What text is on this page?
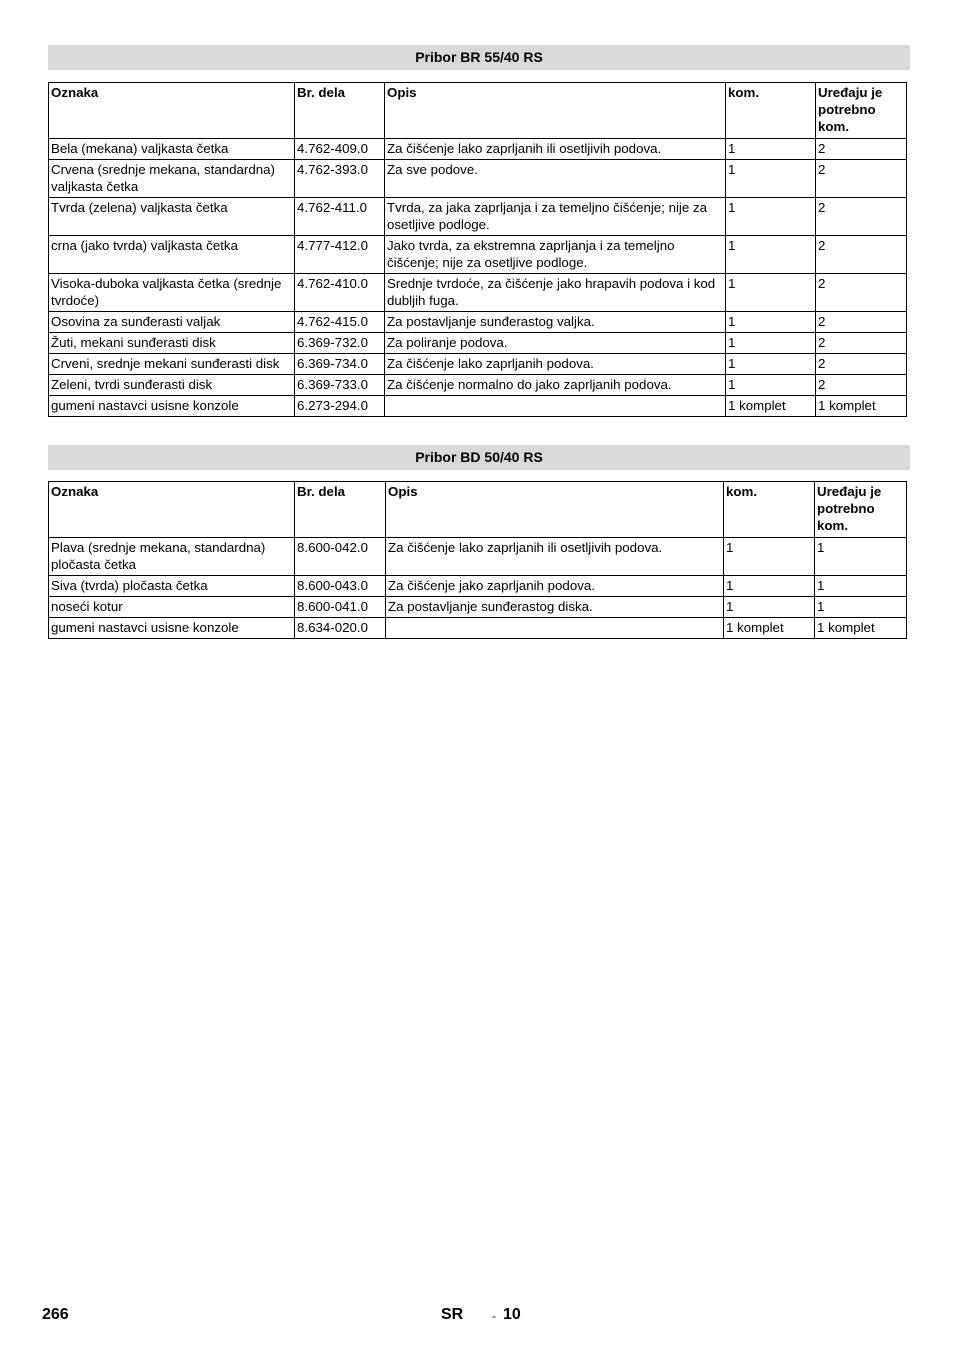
Pribor BR 55/40 RS
Oznaka	Br. dela	Opis	kom.	Uređaju je potrebno kom.
Bela (mekana) valjkasta četka	4.762-409.0	Za čišćenje lako zaprljanih ili osetljivih podova.	1	2
Crvena (srednje mekana, standardna) valjkasta četka	4.762-393.0	Za sve podove.	1	2
Tvrda (zelena) valjkasta četka	4.762-411.0	Tvrda, za jaka zaprljanja i za temeljno čišćenje; nije za osetljive podloge.	1	2
crna (jako tvrda) valjkasta četka	4.777-412.0	Jako tvrda, za ekstremna zaprljanja i za temeljno čišćenje; nije za osetljive podloge.	1	2
Visoka-duboka valjkasta četka (srednje tvrdoće)	4.762-410.0	Srednje tvrdoće, za čišćenje jako hrapavih podova i kod dubljih fuga.	1	2
Osovina za sunđerasti valjak	4.762-415.0	Za postavljanje sunđerastog valjka.	1	2
Žuti, mekani sunđerasti disk	6.369-732.0	Za poliranje podova.	1	2
Crveni, srednje mekani sunđerasti disk	6.369-734.0	Za čišćenje lako zaprljanih podova.	1	2
Zeleni, tvrdi sunđerasti disk	6.369-733.0	Za čišćenje normalno do jako zaprljanih podova.	1	2
gumeni nastavci usisne konzole	6.273-294.0		1 komplet	1 komplet
Pribor BD 50/40 RS
Oznaka	Br. dela	Opis	kom.	Uređaju je potrebno kom.
Plava (srednje mekana, standardna) pločasta četka	8.600-042.0	Za čišćenje lako zaprljanih ili osetljivih podova.	1	1
Siva (tvrda) pločasta četka	8.600-043.0	Za čišćenje jako zaprljanih podova.	1	1
noseći kotur	8.600-041.0	Za postavljanje sunđerastog diska.	1	1
gumeni nastavci usisne konzole	8.634-020.0		1 komplet	1 komplet
266	SR - 10
